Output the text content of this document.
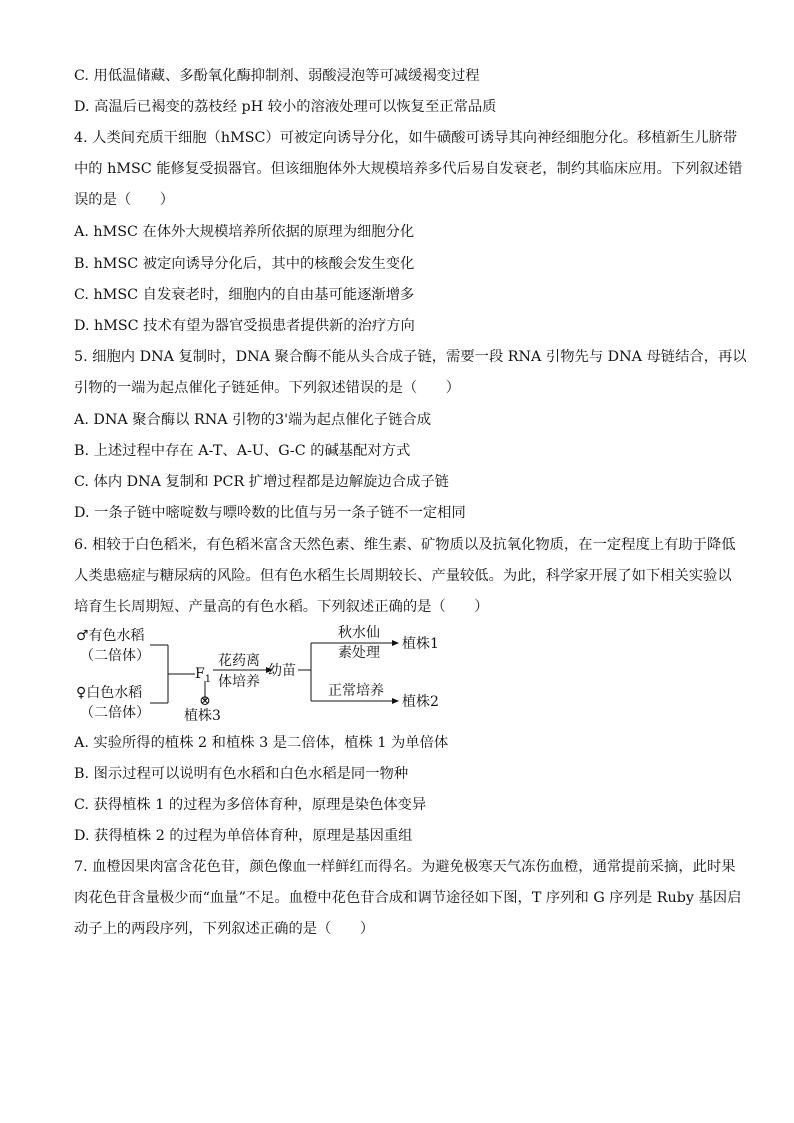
C. 用低温储藏、多酚氧化酶抑制剂、弱酸浸泡等可减缓褐变过程
D. 高温后已褐变的荔枝经 pH 较小的溶液处理可以恢复至正常品质
4. 人类间充质干细胞（hMSC）可被定向诱导分化，如牛磺酸可诱导其向神经细胞分化。移植新生儿脐带
中的 hMSC 能修复受损器官。但该细胞体外大规模培养多代后易自发衰老，制约其临床应用。下列叙述错
误的是（　　）
A. hMSC 在体外大规模培养所依据的原理为细胞分化
B. hMSC 被定向诱导分化后，其中的核酸会发生变化
C. hMSC 自发衰老时，细胞内的自由基可能逐渐增多
D. hMSC 技术有望为器官受损患者提供新的治疗方向
5. 细胞内 DNA 复制时，DNA 聚合酶不能从头合成子链，需要一段 RNA 引物先与 DNA 母链结合，再以
引物的一端为起点催化子链延伸。下列叙述错误的是（　　）
A. DNA 聚合酶以 RNA 引物的3'端为起点催化子链合成
B. 上述过程中存在 A-T、A-U、G-C 的碱基配对方式
C. 体内 DNA 复制和 PCR 扩增过程都是边解旋边合成子链
D. 一条子链中嘧啶数与嘌呤数的比值与另一条子链不一定相同
6. 相较于白色稻米，有色稻米富含天然色素、维生素、矿物质以及抗氧化物质，在一定程度上有助于降低
人类患癌症与糖尿病的风险。但有色水稻生长周期较长、产量较低。为此，科学家开展了如下相关实验以
培育生长周期短、产量高的有色水稻。下列叙述正确的是（　　）
♂有色水稻
（二倍体）
♀白色水稻
（二倍体）
$F_1$
花药离
体培养
幼苗
⊗
植株3
秋水仙
素处理
植株1
正常培养
植株2
A. 实验所得的植株 2 和植株 3 是二倍体，植株 1 为单倍体
B. 图示过程可以说明有色水稻和白色水稻是同一物种
C. 获得植株 1 的过程为多倍体育种，原理是染色体变异
D. 获得植株 2 的过程为单倍体育种，原理是基因重组
7. 血橙因果肉富含花色苷，颜色像血一样鲜红而得名。为避免极寒天气冻伤血橙，通常提前采摘，此时果
肉花色苷含量极少而“血量”不足。血橙中花色苷合成和调节途径如下图，T 序列和 G 序列是 Ruby 基因启
动子上的两段序列，下列叙述正确的是（　　）
